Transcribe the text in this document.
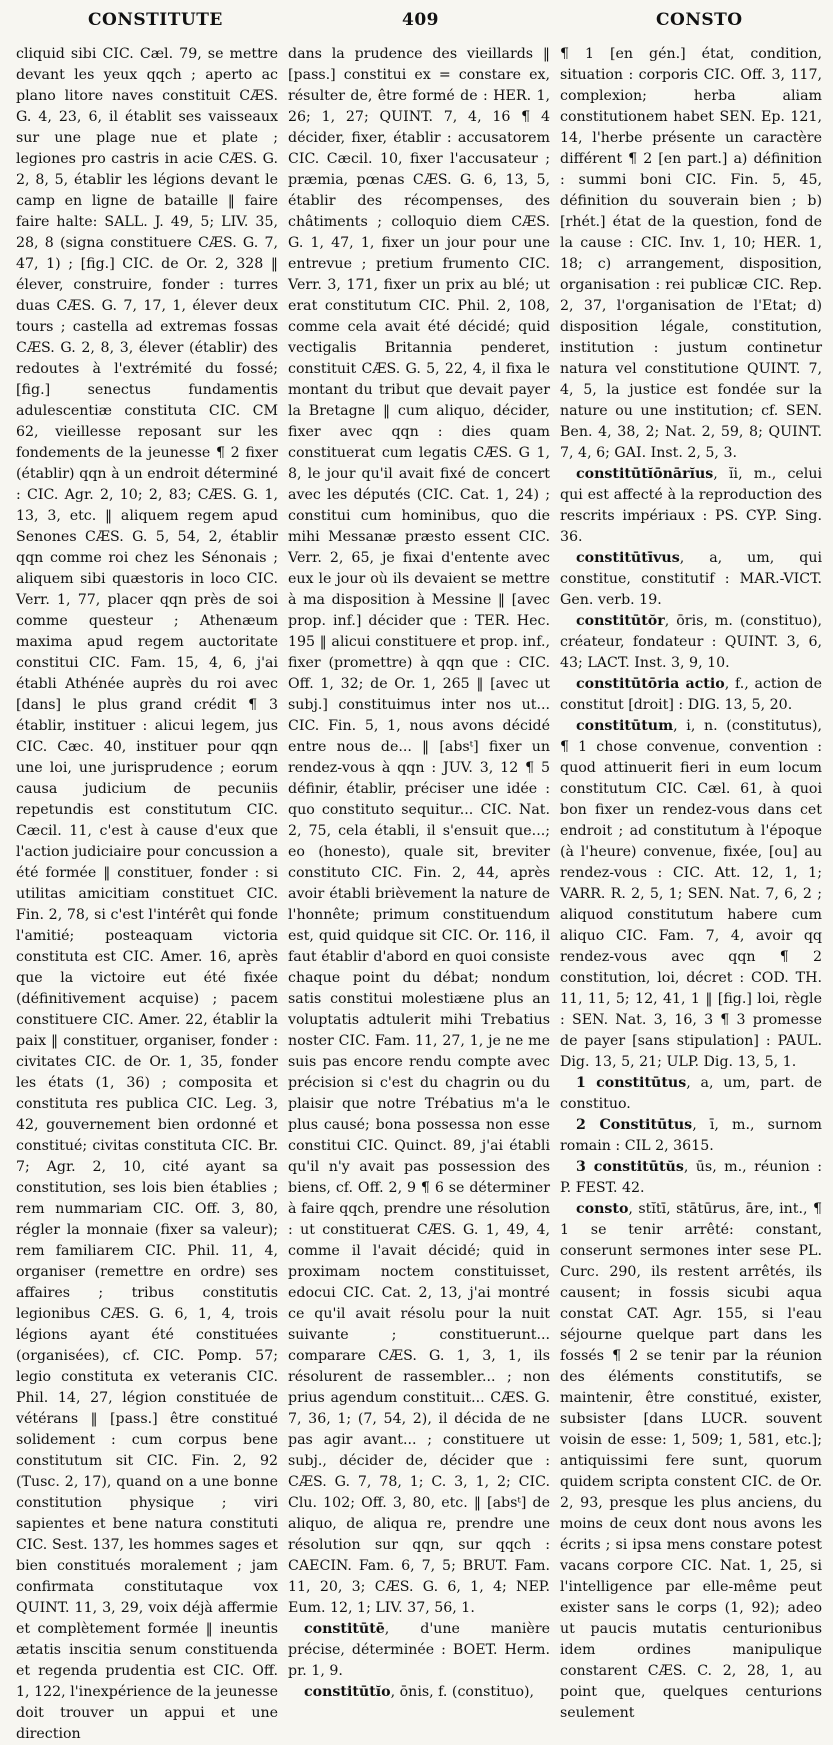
CONSTITUTE	409	CONSTO

cliquid sibi CIC. Cæl. 79, se mettre devant les yeux qqch ; aperto ac plano litore naves constituit CÆS. G. 4, 23, 6, il établit ses vaisseaux sur une plage nue et plate ; legiones pro castris in acie CÆS. G. 2, 8, 5, établir les légions devant le camp en ligne de bataille ‖ faire faire halte: SALL. J. 49, 5; LIV. 35, 28, 8 (signa constituere CÆS. G. 7, 47, 1) ; [fig.] CIC. de Or. 2, 328 ‖ élever, construire, fonder : turres duas CÆS. G. 7, 17, 1, élever deux tours ; castella ad extremas fossas CÆS. G. 2, 8, 3, élever (établir) des redoutes à l'extrémité du fossé; [fig.] senectus fundamentis adulescentiæ constituta CIC. CM 62, vieillesse reposant sur les fondements de la jeunesse ¶ 2 fixer (établir) qqn à un endroit déterminé : CIC. Agr. 2, 10; 2, 83; CÆS. G. 1, 13, 3, etc. ‖ aliquem regem apud Senones CÆS. G. 5, 54, 2, établir qqn comme roi chez les Sénonais ; aliquem sibi quæstoris in loco CIC. Verr. 1, 77, placer qqn près de soi comme questeur ; Athenæum maxima apud regem auctoritate constitui CIC. Fam. 15, 4, 6, j'ai établi Athénée auprès du roi avec [dans] le plus grand crédit ¶ 3 établir, instituer : alicui legem, jus CIC. Cæc. 40, instituer pour qqn une loi, une jurisprudence ; eorum causa judicium de pecuniis repetundis est constitutum CIC. Cæcil. 11, c'est à cause d'eux que l'action judiciaire pour concussion a été formée ‖ constituer, fonder : si utilitas amicitiam constituet CIC. Fin. 2, 78, si c'est l'intérêt qui fonde l'amitié; posteaquam victoria constituta est CIC. Amer. 16, après que la victoire eut été fixée (définitivement acquise) ; pacem constituere CIC. Amer. 22, établir la paix ‖ constituer, organiser, fonder : civitates CIC. de Or. 1, 35, fonder les états (1, 36) ; composita et constituta res publica CIC. Leg. 3, 42, gouvernement bien ordonné et constitué; civitas constituta CIC. Br. 7; Agr. 2, 10, cité ayant sa constitution, ses lois bien établies ; rem nummariam CIC. Off. 3, 80, régler la monnaie (fixer sa valeur); rem familiarem CIC. Phil. 11, 4, organiser (remettre en ordre) ses affaires ; tribus constitutis legionibus CÆS. G. 6, 1, 4, trois légions ayant été constituées (organisées), cf. CIC. Pomp. 57; legio constituta ex veteranis CIC. Phil. 14, 27, légion constituée de vétérans ‖ [pass.] être constitué solidement : cum corpus bene constitutum sit CIC. Fin. 2, 92 (Tusc. 2, 17), quand on a une bonne constitution physique ; viri sapientes et bene natura constituti CIC. Sest. 137, les hommes sages et bien constitués moralement ; jam confirmata constitutaque vox QUINT. 11, 3, 29, voix déjà affermie et complètement formée ‖ ineuntis ætatis inscitia senum constituenda et regenda prudentia est CIC. Off. 1, 122, l'inexpérience de la jeunesse doit trouver un appui et une direction

dans la prudence des vieillards ‖ [pass.] constitui ex = constare ex, résulter de, être formé de : HER. 1, 26; 1, 27; QUINT. 7, 4, 16 ¶ 4 décider, fixer, établir : accusatorem CIC. Cæcil. 10, fixer l'accusateur ; præmia, pœnas CÆS. G. 6, 13, 5, établir des récompenses, des châtiments ; colloquio diem CÆS. G. 1, 47, 1, fixer un jour pour une entrevue ; pretium frumento CIC. Verr. 3, 171, fixer un prix au blé; ut erat constitutum CIC. Phil. 2, 108, comme cela avait été décidé; quid vectigalis Britannia penderet, constituit CÆS. G. 5, 22, 4, il fixa le montant du tribut que devait payer la Bretagne ‖ cum aliquo, décider, fixer avec qqn : dies quam constituerat cum legatis CÆS. G 1, 8, le jour qu'il avait fixé de concert avec les députés (CIC. Cat. 1, 24) ; constitui cum hominibus, quo die mihi Messanæ præsto essent CIC. Verr. 2, 65, je fixai d'entente avec eux le jour où ils devaient se mettre à ma disposition à Messine ‖ [avec prop. inf.] décider que : TER. Hec. 195 ‖ alicui constituere et prop. inf., fixer (promettre) à qqn que : CIC. Off. 1, 32; de Or. 1, 265 ‖ [avec ut subj.] constituimus inter nos ut... CIC. Fin. 5, 1, nous avons décidé entre nous de... ‖ [absᵗ] fixer un rendez-vous à qqn : JUV. 3, 12 ¶ 5 définir, établir, préciser une idée : quo constituto sequitur... CIC. Nat. 2, 75, cela établi, il s'ensuit que...; eo (honesto), quale sit, breviter constituto CIC. Fin. 2, 44, après avoir établi brièvement la nature de l'honnête; primum constituendum est, quid quidque sit CIC. Or. 116, il faut établir d'abord en quoi consiste chaque point du débat; nondum satis constitui molestiæne plus an voluptatis adtulerit mihi Trebatius noster CIC. Fam. 11, 27, 1, je ne me suis pas encore rendu compte avec précision si c'est du chagrin ou du plaisir que notre Trébatius m'a le plus causé; bona possessa non esse constitui CIC. Quinct. 89, j'ai établi qu'il n'y avait pas possession des biens, cf. Off. 2, 9 ¶ 6 se déterminer à faire qqch, prendre une résolution : ut constituerat CÆS. G. 1, 49, 4, comme il l'avait décidé; quid in proximam noctem constituisset, edocui CIC. Cat. 2, 13, j'ai montré ce qu'il avait résolu pour la nuit suivante ; constituerunt... comparare CÆS. G. 1, 3, 1, ils résolurent de rassembler... ; non prius agendum constituit... CÆS. G. 7, 36, 1; (7, 54, 2), il décida de ne pas agir avant... ; constituere ut subj., décider de, décider que : CÆS. G. 7, 78, 1; C. 3, 1, 2; CIC. Clu. 102; Off. 3, 80, etc. ‖ [absᵗ] de aliquo, de aliqua re, prendre une résolution sur qqn, sur qqch : CAECIN. Fam. 6, 7, 5; BRUT. Fam. 11, 20, 3; CÆS. G. 6, 1, 4; NEP. Eum. 12, 1; LIV. 37, 56, 1.

constitūtē, d'une manière précise, déterminée : BOET. Herm. pr. 1, 9.

constitūtĭo, ōnis, f. (constituo),

¶ 1 [en gén.] état, condition, situation : corporis CIC. Off. 3, 117, complexion; herba aliam constitutionem habet SEN. Ep. 121, 14, l'herbe présente un caractère différent ¶ 2 [en part.] a) définition : summi boni CIC. Fin. 5, 45, définition du souverain bien ; b) [rhét.] état de la question, fond de la cause : CIC. Inv. 1, 10; HER. 1, 18; c) arrangement, disposition, organisation : rei publicæ CIC. Rep. 2, 37, l'organisation de l'Etat; d) disposition légale, constitution, institution : justum continetur natura vel constitutione QUINT. 7, 4, 5, la justice est fondée sur la nature ou une institution; cf. SEN. Ben. 4, 38, 2; Nat. 2, 59, 8; QUINT. 7, 4, 6; GAI. Inst. 2, 5, 3.

constitūtĭōnārĭus, ĭi, m., celui qui est affecté à la reproduction des rescrits impériaux : PS. CYP. Sing. 36.

constitūtīvus, a, um, qui constitue, constitutif : MAR.-VICT. Gen. verb. 19.

constitūtŏr, ōris, m. (constituo), créateur, fondateur : QUINT. 3, 6, 43; LACT. Inst. 3, 9, 10.

constitūtōria actio, f., action de constitut [droit] : DIG. 13, 5, 20.

constitūtum, i, n. (constitutus), ¶ 1 chose convenue, convention : quod attinuerit fieri in eum locum constitutum CIC. Cæl. 61, à quoi bon fixer un rendez-vous dans cet endroit ; ad constitutum à l'époque (à l'heure) convenue, fixée, [ou] au rendez-vous : CIC. Att. 12, 1, 1; VARR. R. 2, 5, 1; SEN. Nat. 7, 6, 2 ; aliquod constitutum habere cum aliquo CIC. Fam. 7, 4, avoir qq rendez-vous avec qqn ¶ 2 constitution, loi, décret : COD. TH. 11, 11, 5; 12, 41, 1 ‖ [fig.] loi, règle : SEN. Nat. 3, 16, 3 ¶ 3 promesse de payer [sans stipulation] : PAUL. Dig. 13, 5, 21; ULP. Dig. 13, 5, 1.

1 constitūtus, a, um, part. de constituo.

2 Constitūtus, ī, m., surnom romain : CIL 2, 3615.

3 constitūtŭs, ūs, m., réunion : P. FEST. 42.

consto, stĭtī, stātūrus, āre, int., ¶ 1 se tenir arrêté: constant, conserunt sermones inter sese PL. Curc. 290, ils restent arrêtés, ils causent; in fossis sicubi aqua constat CAT. Agr. 155, si l'eau séjourne quelque part dans les fossés ¶ 2 se tenir par la réunion des éléments constitutifs, se maintenir, être constitué, exister, subsister [dans LUCR. souvent voisin de esse: 1, 509; 1, 581, etc.]; antiquissimi fere sunt, quorum quidem scripta constent CIC. de Or. 2, 93, presque les plus anciens, du moins de ceux dont nous avons les écrits ; si ipsa mens constare potest vacans corpore CIC. Nat. 1, 25, si l'intelligence par elle-même peut exister sans le corps (1, 92); adeo ut paucis mutatis centurionibus idem ordines manipulique constarent CÆS. C. 2, 28, 1, au point que, quelques centurions seulement
